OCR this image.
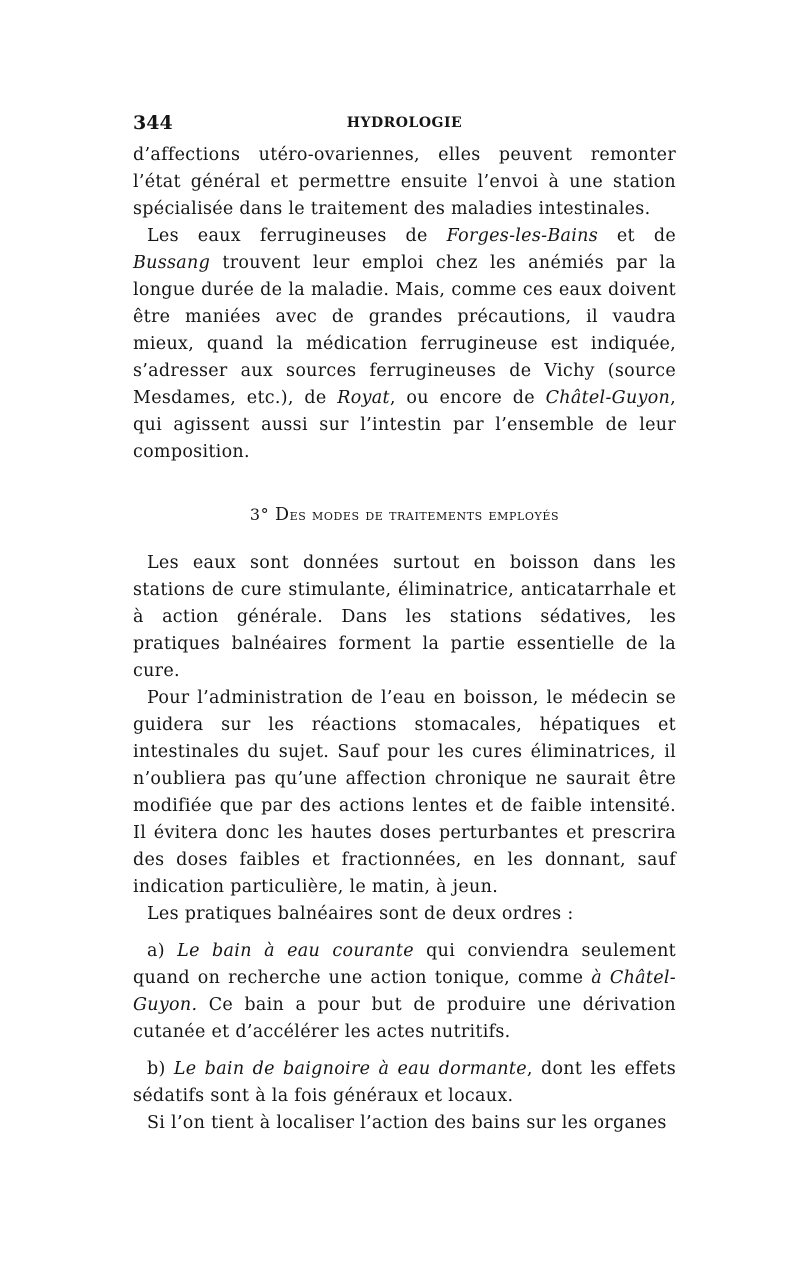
344	HYDROLOGIE

d’affections utéro-ovariennes, elles peuvent remonter l’état général et permettre ensuite l’envoi à une station spécialisée dans le traitement des maladies intestinales.

Les eaux ferrugineuses de Forges-les-Bains et de Bussang trouvent leur emploi chez les anémiés par la longue durée de la maladie. Mais, comme ces eaux doivent être maniées avec de grandes précautions, il vaudra mieux, quand la médication ferrugineuse est indiquée, s’adresser aux sources ferrugineuses de Vichy (source Mesdames, etc.), de Royat, ou encore de Châtel-Guyon, qui agissent aussi sur l’intestin par l’ensemble de leur composition.

3° Des modes de traitements employés

Les eaux sont données surtout en boisson dans les stations de cure stimulante, éliminatrice, anticatarrhale et à action générale. Dans les stations sédatives, les pratiques balnéaires forment la partie essentielle de la cure.

Pour l’administration de l’eau en boisson, le médecin se guidera sur les réactions stomacales, hépatiques et intestinales du sujet. Sauf pour les cures éliminatrices, il n’oubliera pas qu’une affection chronique ne saurait être modifiée que par des actions lentes et de faible intensité. Il évitera donc les hautes doses perturbantes et prescrira des doses faibles et fractionnées, en les donnant, sauf indication particulière, le matin, à jeun.

Les pratiques balnéaires sont de deux ordres :

a) Le bain à eau courante qui conviendra seulement quand on recherche une action tonique, comme à Châtel-Guyon. Ce bain a pour but de produire une dérivation cutanée et d’accélérer les actes nutritifs.

b) Le bain de baignoire à eau dormante, dont les effets sédatifs sont à la fois généraux et locaux.

Si l’on tient à localiser l’action des bains sur les organes
